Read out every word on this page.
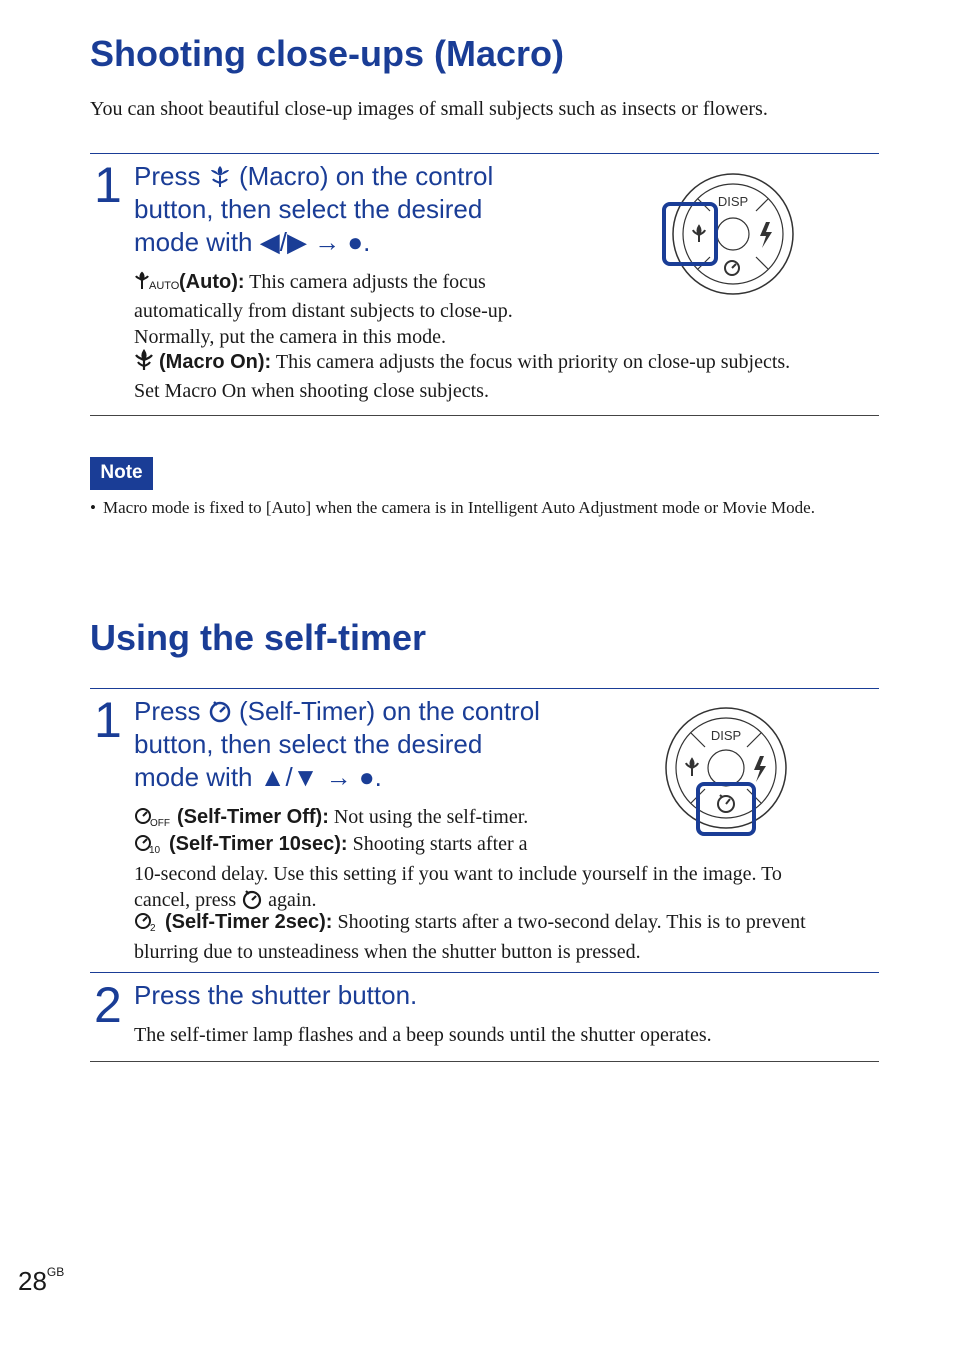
Shooting close-ups (Macro)
You can shoot beautiful close-up images of small subjects such as insects or flowers.
1 Press (Macro) on the control
button, then select the desired
mode with ◀/▶ → ●.
DISP
AUTO (Auto): This camera adjusts the focus
automatically from distant subjects to close-up.
Normally, put the camera in this mode.
(Macro On): This camera adjusts the focus with priority on close-up subjects.
Set Macro On when shooting close subjects.
Note
• Macro mode is fixed to [Auto] when the camera is in Intelligent Auto Adjustment mode or Movie Mode.
Using the self-timer
1 Press (Self-Timer) on the control
button, then select the desired
mode with ▲/▼ → ●.
DISP
OFF (Self-Timer Off): Not using the self-timer.
10 (Self-Timer 10sec): Shooting starts after a
10-second delay. Use this setting if you want to include yourself in the image. To
cancel, press again.
2 (Self-Timer 2sec): Shooting starts after a two-second delay. This is to prevent
blurring due to unsteadiness when the shutter button is pressed.
2 Press the shutter button.
The self-timer lamp flashes and a beep sounds until the shutter operates.
$28^{GB}$
